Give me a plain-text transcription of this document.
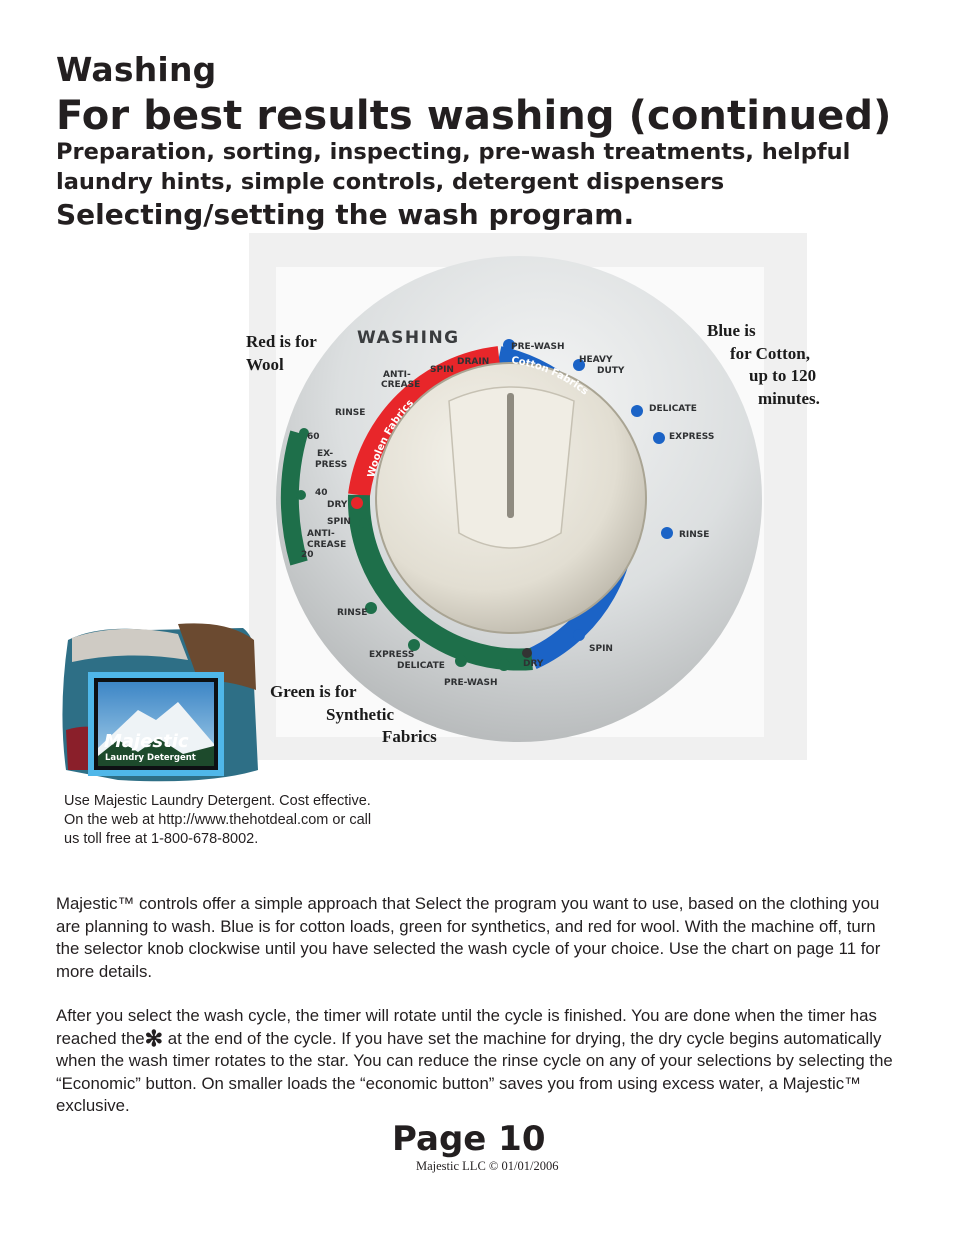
Washing
For best results washing (continued)
Preparation, sorting, inspecting, pre-wash treatments, helpful laundry hints, simple controls, detergent dispensers
Selecting/setting the wash program.
Woolen Fabrics
Cotton Fabrics
WASHING	PRE-WASH
HEAVY
DUTY
DELICATE
EXPRESS
RINSE
SPIN
DRAIN
SPIN
ANTI-
CREASE
RINSE
60
EX-
PRESS
40
DRY
SPIN
ANTI-
CREASE
20
RINSE
EXPRESS
DELICATE
PRE-WASH
DRY
Red is for
Wool
Blue is
for Cotton,
up to 120
minutes.
Green is for
Synthetic
Fabrics
Majestic
Laundry Detergent
Use Majestic Laundry Detergent. Cost effective.
On the web at http://www.thehotdeal.com or call
us toll free at 1-800-678-8002.
Majestic™ controls offer a simple approach that Select the program you want to use, based on the clothing you are planning to wash. Blue is for cotton loads, green for synthetics, and red for wool. With the machine off, turn the selector knob clockwise until you have selected the wash cycle of your choice. Use the chart on page 11 for more details.
After you select the wash cycle, the timer will rotate until the cycle is finished. You are done when the timer has reached the✻ at the end of the cycle. If you have set the machine for drying, the dry cycle begins automatically when the wash timer rotates to the star. You can reduce the rinse cycle on any of your selections by selecting the “Economic” button. On smaller loads the “economic button” saves you from using excess water, a Majestic™ exclusive.
Page 10
Majestic LLC © 01/01/2006
